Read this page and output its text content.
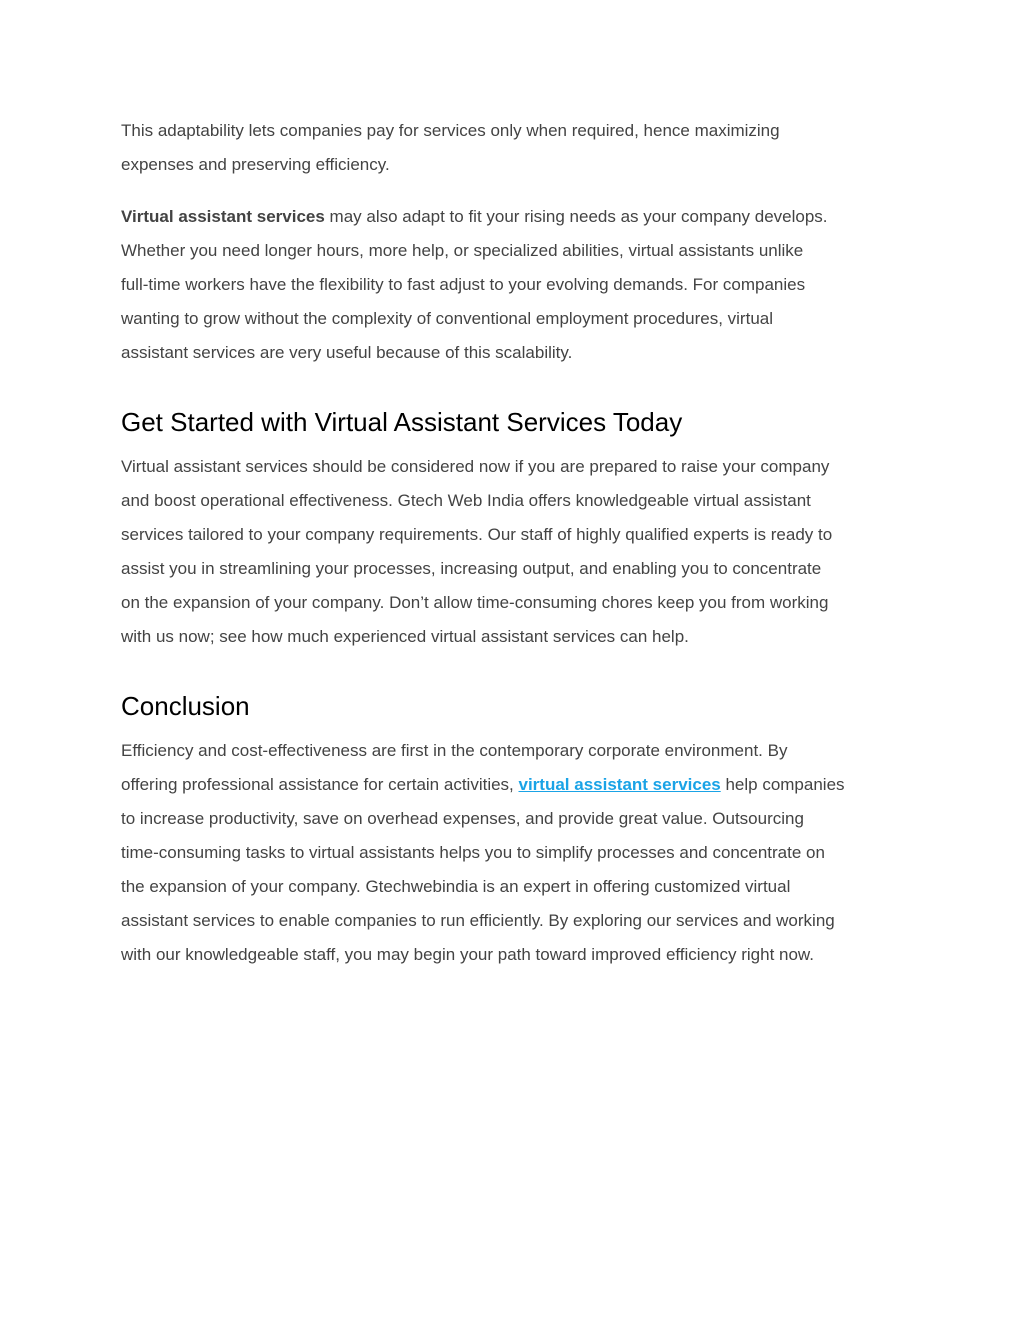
This adaptability lets companies pay for services only when required, hence maximizing
expenses and preserving efficiency.

Virtual assistant services may also adapt to fit your rising needs as your company develops.
Whether you need longer hours, more help, or specialized abilities, virtual assistants unlike
full-time workers have the flexibility to fast adjust to your evolving demands. For companies
wanting to grow without the complexity of conventional employment procedures, virtual
assistant services are very useful because of this scalability.

Get Started with Virtual Assistant Services Today

Virtual assistant services should be considered now if you are prepared to raise your company
and boost operational effectiveness. Gtech Web India offers knowledgeable virtual assistant
services tailored to your company requirements. Our staff of highly qualified experts is ready to
assist you in streamlining your processes, increasing output, and enabling you to concentrate
on the expansion of your company. Don’t allow time-consuming chores keep you from working
with us now; see how much experienced virtual assistant services can help.

Conclusion

Efficiency and cost-effectiveness are first in the contemporary corporate environment. By
offering professional assistance for certain activities, virtual assistant services help companies
to increase productivity, save on overhead expenses, and provide great value. Outsourcing
time-consuming tasks to virtual assistants helps you to simplify processes and concentrate on
the expansion of your company. Gtechwebindia is an expert in offering customized virtual
assistant services to enable companies to run efficiently. By exploring our services and working
with our knowledgeable staff, you may begin your path toward improved efficiency right now.
